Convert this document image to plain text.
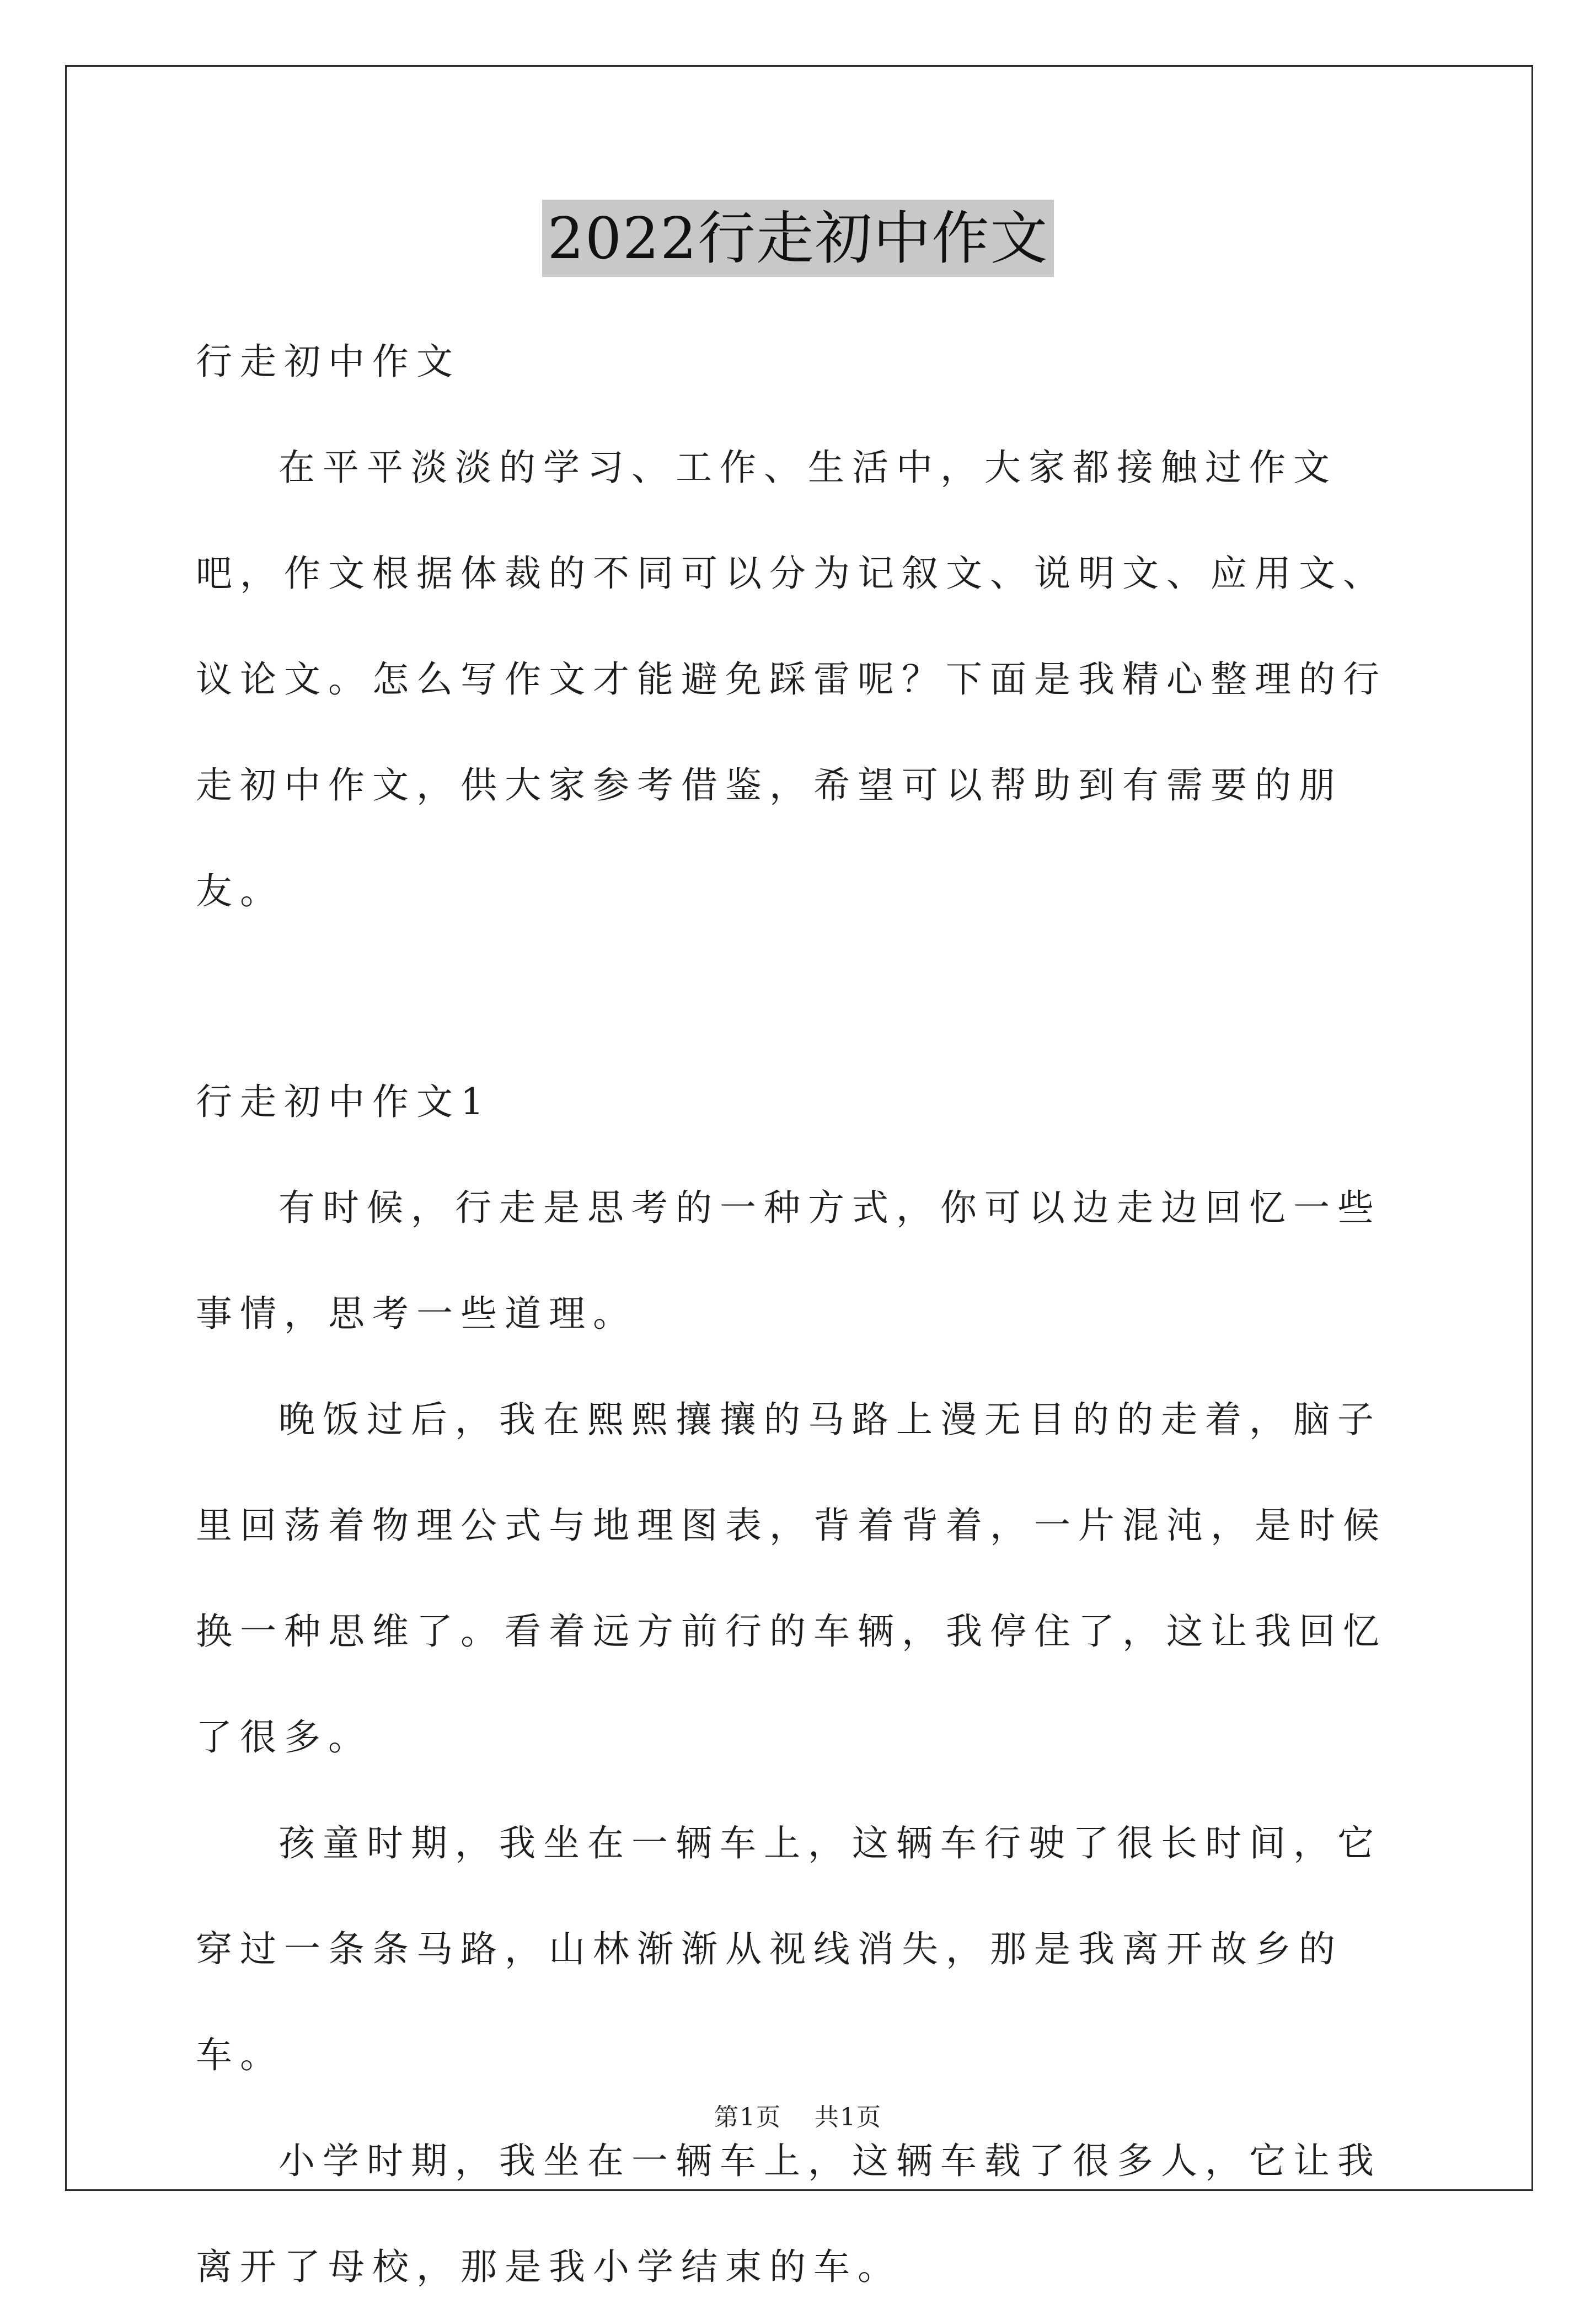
2022行走初中作文

行走初中作文

在平平淡淡的学习、工作、生活中，大家都接触过作文吧，作文根据体裁的不同可以分为记叙文、说明文、应用文、议论文。怎么写作文才能避免踩雷呢？下面是我精心整理的行走初中作文，供大家参考借鉴，希望可以帮助到有需要的朋友。

行走初中作文1

有时候，行走是思考的一种方式，你可以边走边回忆一些事情，思考一些道理。

晚饭过后，我在熙熙攘攘的马路上漫无目的的走着，脑子里回荡着物理公式与地理图表，背着背着，一片混沌，是时候换一种思维了。看着远方前行的车辆，我停住了，这让我回忆了很多。

孩童时期，我坐在一辆车上，这辆车行驶了很长时间，它穿过一条条马路，山林渐渐从视线消失，那是我离开故乡的车。

小学时期，我坐在一辆车上，这辆车载了很多人，它让我离开了母校，那是我小学结束的车。

第1页 共1页
